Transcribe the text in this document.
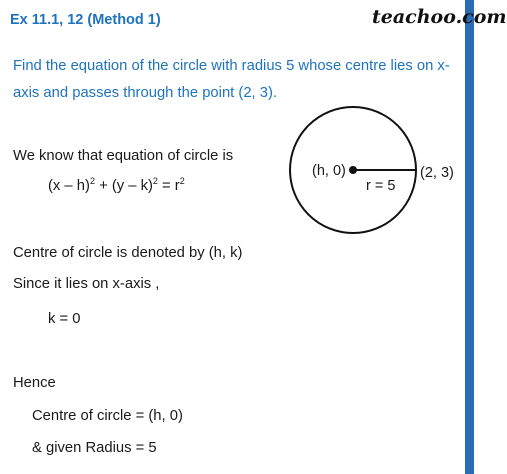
Ex 11.1, 12 (Method 1)	teachoo.com
Find the equation of the circle with radius 5 whose centre lies on x-axis and passes through the point (2, 3).
(h, 0)
r = 5
(2, 3)
We know that equation of circle is
$(x - h)^2 + (y - k)^2 = r^2$
Centre of circle is denoted by (h, k)
Since it lies on x-axis ,
k = 0
Hence
Centre of circle = (h, 0)
& given Radius = 5
